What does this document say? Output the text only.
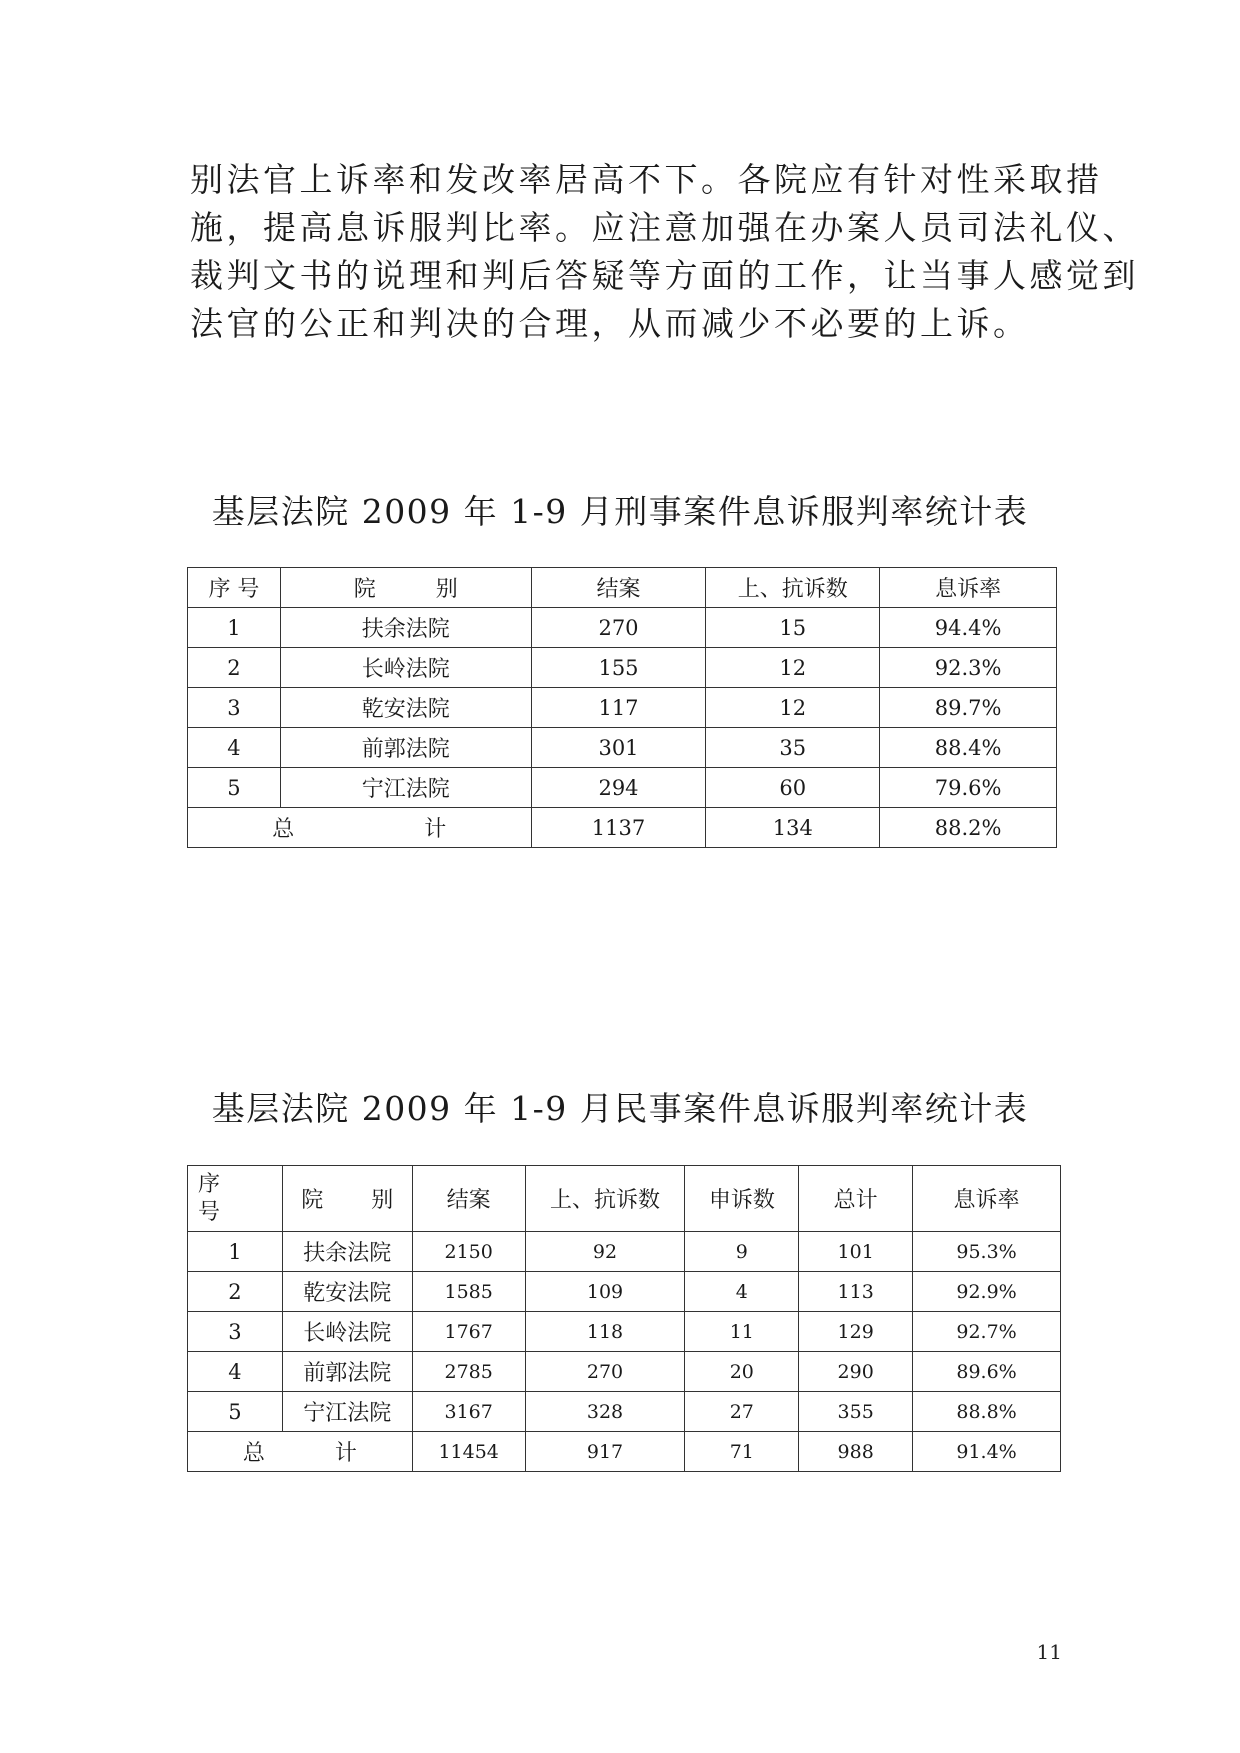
别法官上诉率和发改率居高不下。各院应有针对性采取措
施，提高息诉服判比率。应注意加强在办案人员司法礼仪、
裁判文书的说理和判后答疑等方面的工作，让当事人感觉到
法官的公正和判决的合理，从而减少不必要的上诉。
基层法院 2009 年 1-9 月刑事案件息诉服判率统计表
序 号	院 别	结案	上、抗诉数	息诉率
1	扶余法院	270	15	94.4%
2	长岭法院	155	12	92.3%
3	乾安法院	117	12	89.7%
4	前郭法院	301	35	88.4%
5	宁江法院	294	60	79.6%
总 计		1137	134	88.2%
基层法院 2009 年 1-9 月民事案件息诉服判率统计表
序
号	院 别	结案	上、抗诉数	申诉数	总计	息诉率
1	扶余法院	2150	92	9	101	95.3%
2	乾安法院	1585	109	4	113	92.9%
3	长岭法院	1767	118	11	129	92.7%
4	前郭法院	2785	270	20	290	89.6%
5	宁江法院	3167	328	27	355	88.8%
总 计		11454	917	71	988	91.4%
11
